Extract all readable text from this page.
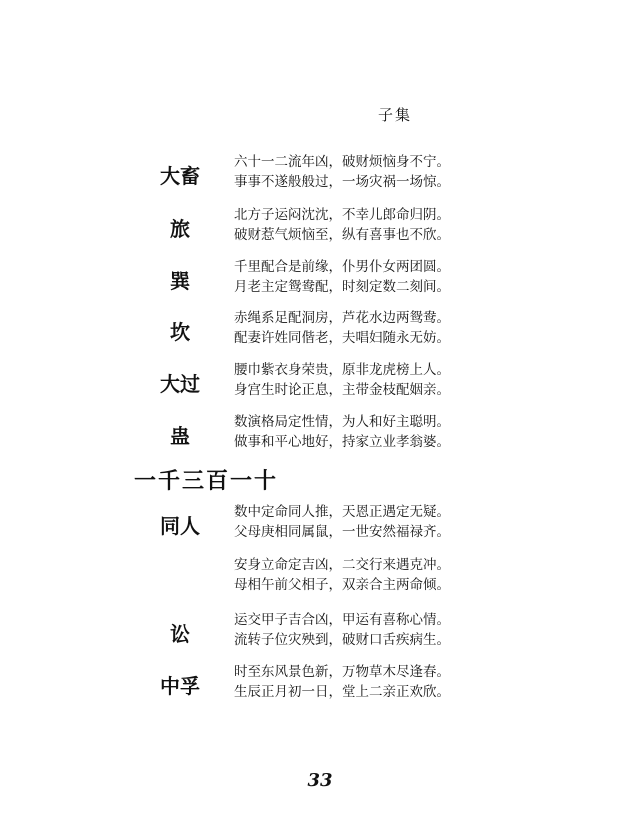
子集
大畜
六十一二流年凶，破财烦恼身不宁。
事事不遂般般过，一场灾祸一场惊。
旅
北方子运闷沈沈，不幸儿郎命归阴。
破财惹气烦恼至，纵有喜事也不欣。
巽
千里配合是前缘，仆男仆女两团圆。
月老主定鸳鸯配，时刻定数二刻间。
坎
赤绳系足配洞房，芦花水边两鸳鸯。
配妻许姓同偕老，夫唱妇随永无妨。
大过
腰巾紫衣身荣贵，原非龙虎榜上人。
身宫生时论正息，主带金枝配姻亲。
蛊
数演格局定性情，为人和好主聪明。
做事和平心地好，持家立业孝翁婆。
一千三百一十
同人
数中定命同人推，天恩正遇定无疑。
父母庚相同属鼠，一世安然福禄齐。
安身立命定吉凶，二交行来遇克冲。
母相午前父相子，双亲合主两命倾。
讼
运交甲子吉合凶，甲运有喜称心情。
流转子位灾殃到，破财口舌疾病生。
中孚
时至东风景色新，万物草木尽逢春。
生辰正月初一日，堂上二亲正欢欣。
33
